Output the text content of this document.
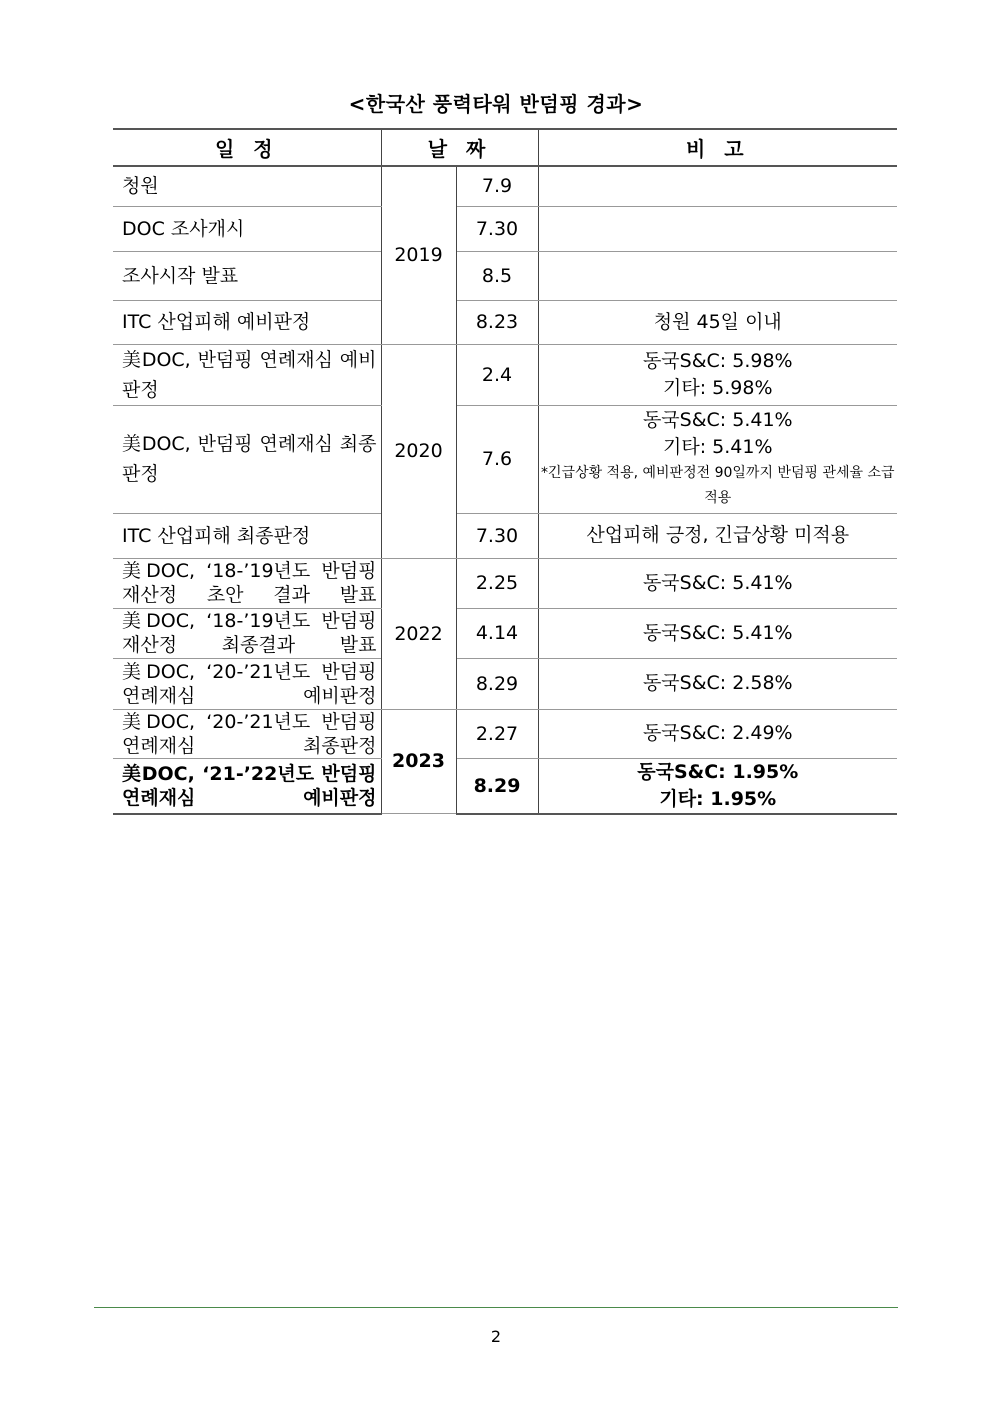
<한국산 풍력타워 반덤핑 경과>
일 정	날 짜		비 고
청원	2019	7.9	
DOC 조사개시		7.30	
조사시작 발표		8.5	
ITC 산업피해 예비판정		8.23	청원 45일 이내
美DOC, 반덤핑 연례재심 예비판정	2020	2.4	동국S&C: 5.98%
기타: 5.98%

美DOC, 반덤핑 연례재심 최종판정		7.6	동국S&C: 5.41%
기타: 5.41%
*긴급상황 적용, 예비판정전 90일까지 반덤핑 관세율 소급적용

ITC 산업피해 최종판정		7.30	산업피해 긍정, 긴급상황 미적용
美DOC, ‘18-’19년도 반덤핑 재산정 초안 결과 발표	2022	2.25	동국S&C: 5.41%
美DOC, ‘18-’19년도 반덤핑 재산정 최종결과 발표		4.14	동국S&C: 5.41%
美DOC, ‘20-’21년도 반덤핑 연례재심 예비판정		8.29	동국S&C: 2.58%
美DOC, ‘20-’21년도 반덤핑 연례재심 최종판정	2023	2.27	동국S&C: 2.49%
美DOC, ‘21-’22년도 반덤핑 연례재심 예비판정		8.29	동국S&C: 1.95%
기타: 1.95%
2
